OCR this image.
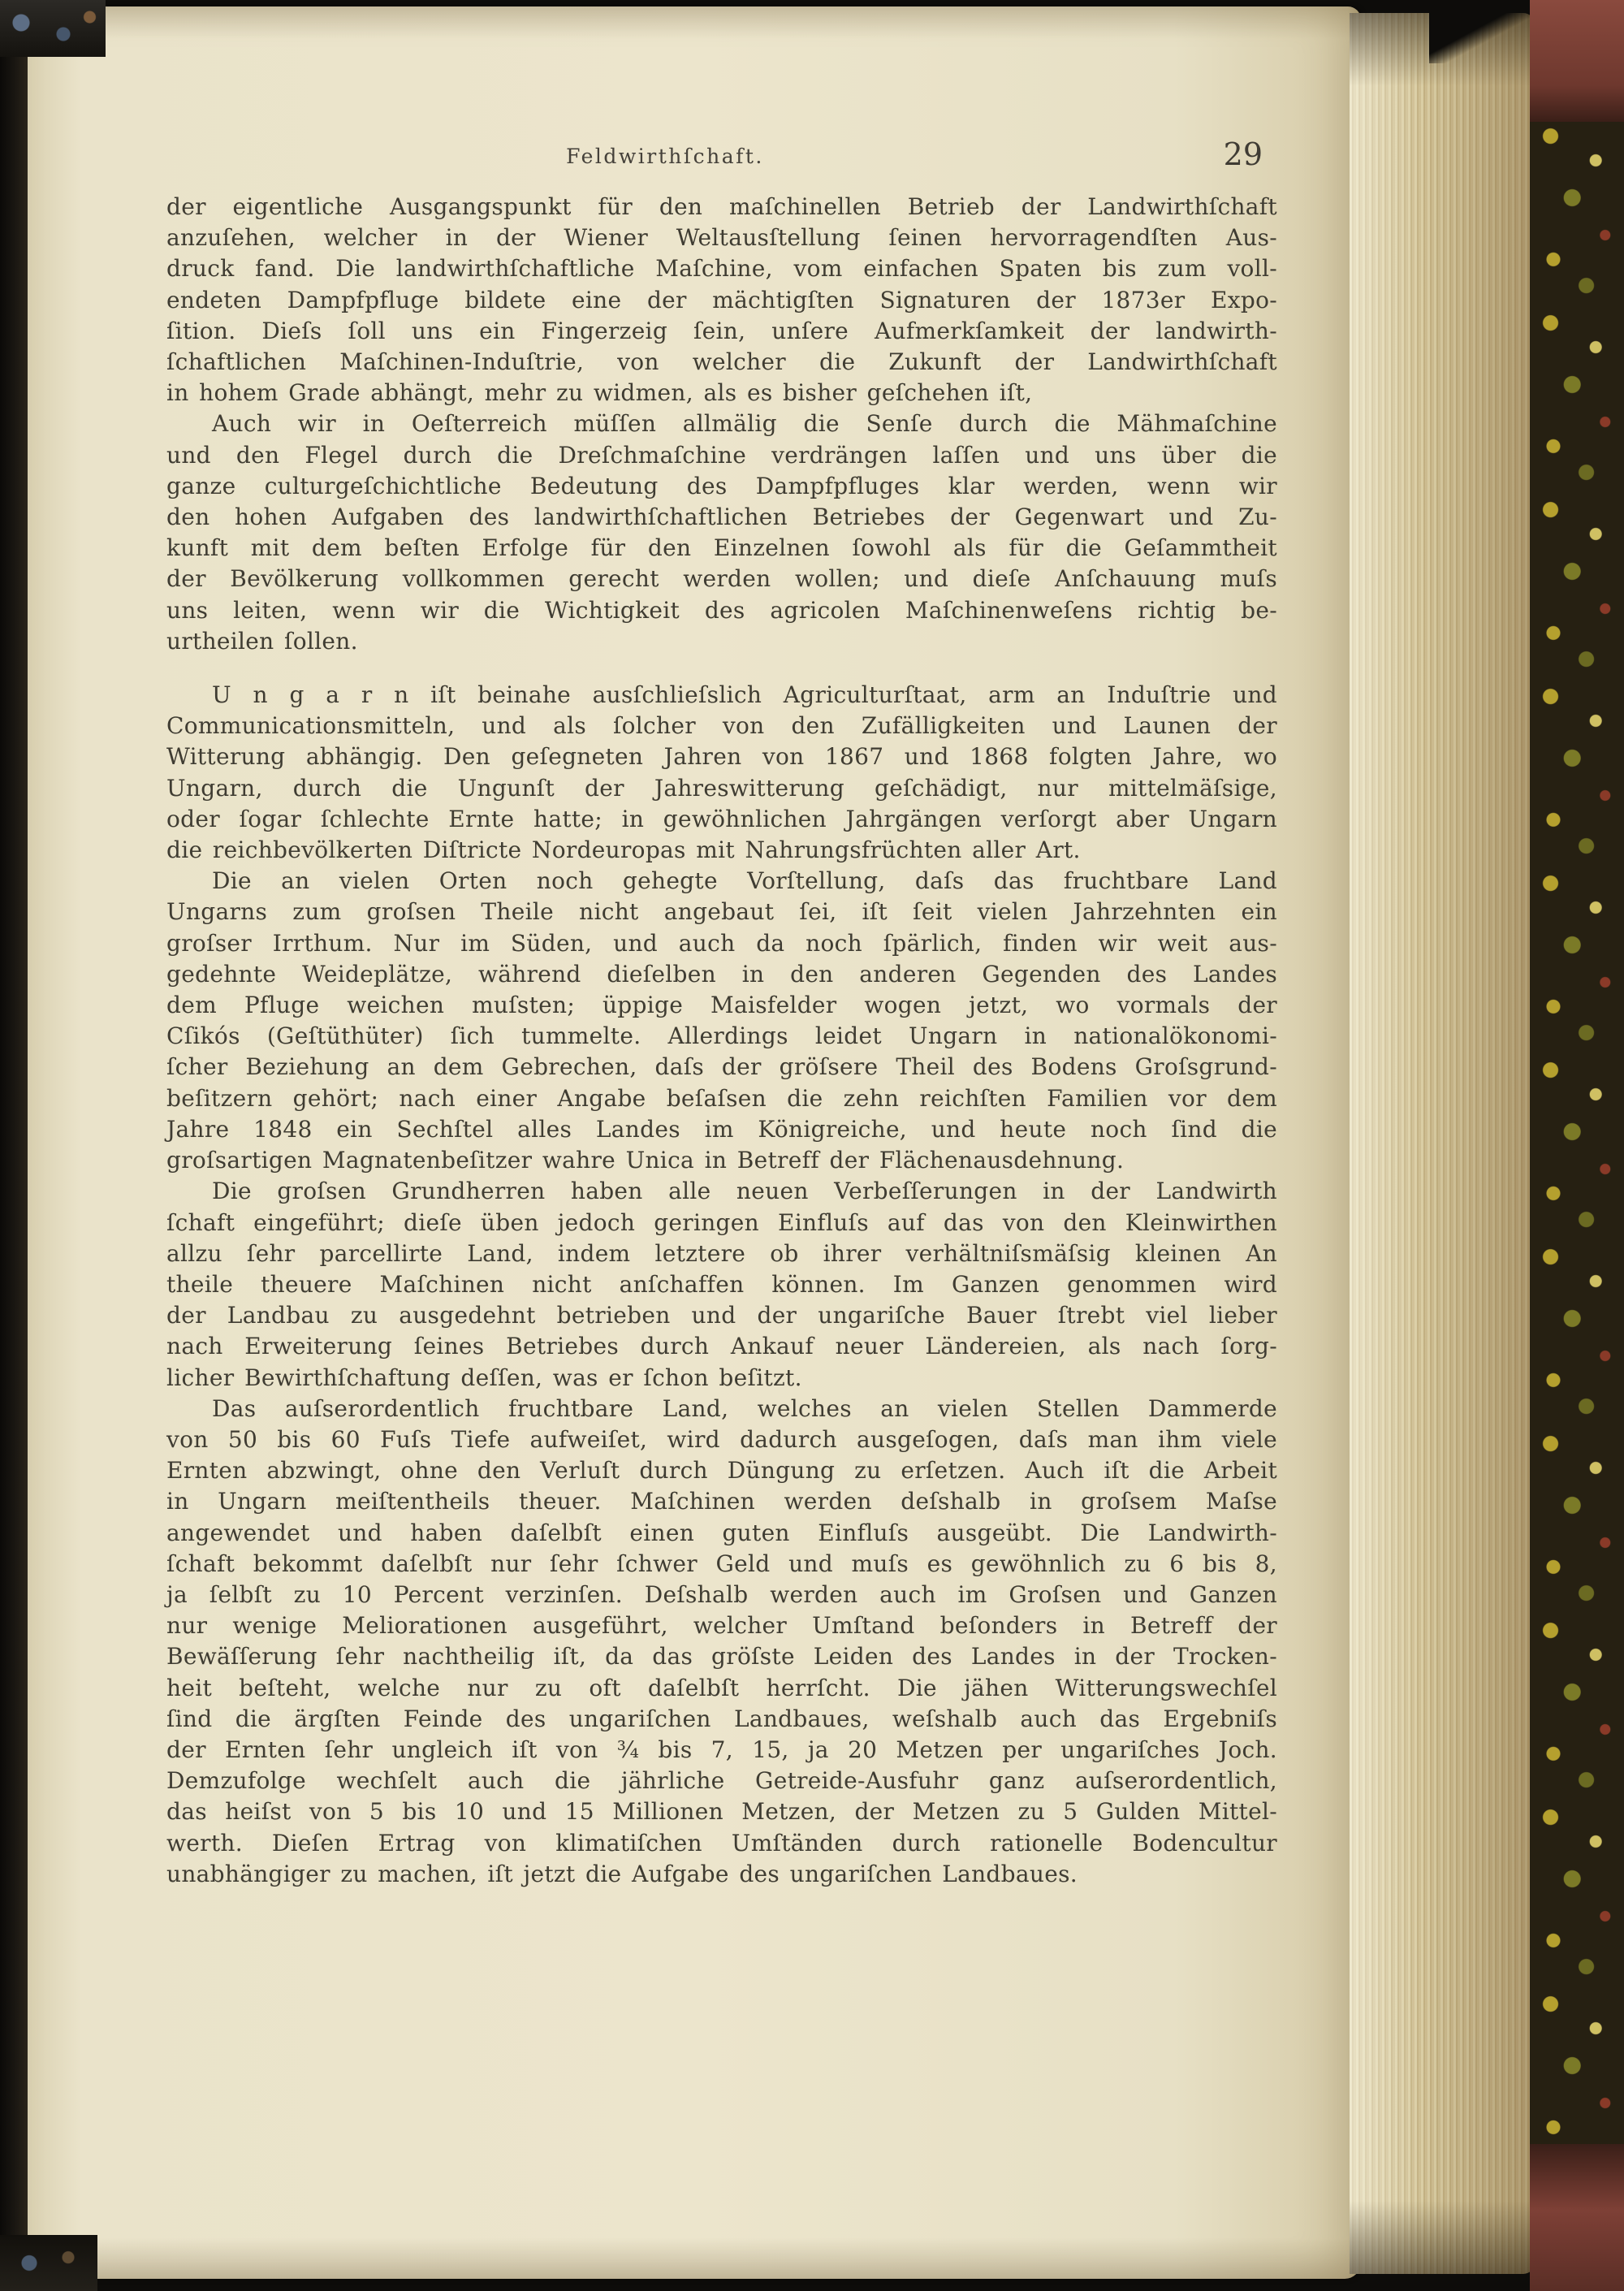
Feldwirthſchaft.	29
der eigentliche Ausgangspunkt für den maſchinellen Betrieb der Landwirthſchaft
anzuſehen, welcher in der Wiener Weltausſtellung ſeinen hervorragendſten Aus-
druck fand. Die landwirthſchaftliche Maſchine, vom einfachen Spaten bis zum voll-
endeten Dampfpfluge bildete eine der mächtigſten Signaturen der 1873er Expo-
ſition. Dieſs ſoll uns ein Fingerzeig ſein, unſere Aufmerkſamkeit der landwirth-
ſchaftlichen Maſchinen-Induſtrie, von welcher die Zukunft der Landwirthſchaft
in hohem Grade abhängt, mehr zu widmen, als es bisher geſchehen iſt,
Auch wir in Oeſterreich müſſen allmälig die Senſe durch die Mähmaſchine
und den Flegel durch die Dreſchmaſchine verdrängen laſſen und uns über die
ganze culturgeſchichtliche Bedeutung des Dampfpfluges klar werden, wenn wir
den hohen Aufgaben des landwirthſchaftlichen Betriebes der Gegenwart und Zu-
kunft mit dem beſten Erfolge für den Einzelnen ſowohl als für die Geſammtheit
der Bevölkerung vollkommen gerecht werden wollen; und dieſe Anſchauung muſs
uns leiten, wenn wir die Wichtigkeit des agricolen Maſchinenweſens richtig be-
urtheilen ſollen.
U n g a r n iſt beinahe ausſchlieſslich Agriculturſtaat, arm an Induſtrie und
Communicationsmitteln, und als ſolcher von den Zufälligkeiten und Launen der
Witterung abhängig. Den geſegneten Jahren von 1867 und 1868 folgten Jahre, wo
Ungarn, durch die Ungunſt der Jahreswitterung geſchädigt, nur mittelmäſsige,
oder ſogar ſchlechte Ernte hatte; in gewöhnlichen Jahrgängen verſorgt aber Ungarn
die reichbevölkerten Diſtricte Nordeuropas mit Nahrungsfrüchten aller Art.
Die an vielen Orten noch gehegte Vorſtellung, daſs das fruchtbare Land
Ungarns zum groſsen Theile nicht angebaut ſei, iſt ſeit vielen Jahrzehnten ein
groſser Irrthum. Nur im Süden, und auch da noch ſpärlich, finden wir weit aus-
gedehnte Weideplätze, während dieſelben in den anderen Gegenden des Landes
dem Pfluge weichen muſsten; üppige Maisfelder wogen jetzt, wo vormals der
Cſikós (Geſtüthüter) ſich tummelte. Allerdings leidet Ungarn in nationalökonomi-
ſcher Beziehung an dem Gebrechen, daſs der gröſsere Theil des Bodens Groſsgrund-
beſitzern gehört; nach einer Angabe beſaſsen die zehn reichſten Familien vor dem
Jahre 1848 ein Sechſtel alles Landes im Königreiche, und heute noch ſind die
groſsartigen Magnatenbeſitzer wahre Unica in Betreff der Flächenausdehnung.
Die groſsen Grundherren haben alle neuen Verbeſſerungen in der Landwirth
ſchaft eingeführt; dieſe üben jedoch geringen Einfluſs auf das von den Kleinwirthen
allzu ſehr parcellirte Land, indem letztere ob ihrer verhältniſsmäſsig kleinen An
theile theuere Maſchinen nicht anſchaffen können. Im Ganzen genommen wird
der Landbau zu ausgedehnt betrieben und der ungariſche Bauer ſtrebt viel lieber
nach Erweiterung ſeines Betriebes durch Ankauf neuer Ländereien, als nach ſorg-
licher Bewirthſchaftung deſſen, was er ſchon beſitzt.
Das auſserordentlich fruchtbare Land, welches an vielen Stellen Dammerde
von 50 bis 60 Fuſs Tiefe aufweiſet, wird dadurch ausgeſogen, daſs man ihm viele
Ernten abzwingt, ohne den Verluſt durch Düngung zu erſetzen. Auch iſt die Arbeit
in Ungarn meiſtentheils theuer. Maſchinen werden deſshalb in groſsem Maſse
angewendet und haben daſelbſt einen guten Einfluſs ausgeübt. Die Landwirth-
ſchaft bekommt daſelbſt nur ſehr ſchwer Geld und muſs es gewöhnlich zu 6 bis 8,
ja ſelbſt zu 10 Percent verzinſen. Deſshalb werden auch im Groſsen und Ganzen
nur wenige Meliorationen ausgeführt, welcher Umſtand beſonders in Betreff der
Bewäſſerung ſehr nachtheilig iſt, da das gröſste Leiden des Landes in der Trocken-
heit beſteht, welche nur zu oft daſelbſt herrſcht. Die jähen Witterungswechſel
ſind die ärgſten Feinde des ungariſchen Landbaues, weſshalb auch das Ergebniſs
der Ernten ſehr ungleich iſt von ¾ bis 7, 15, ja 20 Metzen per ungariſches Joch.
Demzufolge wechſelt auch die jährliche Getreide-Ausfuhr ganz auſserordentlich,
das heiſst von 5 bis 10 und 15 Millionen Metzen, der Metzen zu 5 Gulden Mittel-
werth. Dieſen Ertrag von klimatiſchen Umſtänden durch rationelle Bodencultur
unabhängiger zu machen, iſt jetzt die Aufgabe des ungariſchen Landbaues.
